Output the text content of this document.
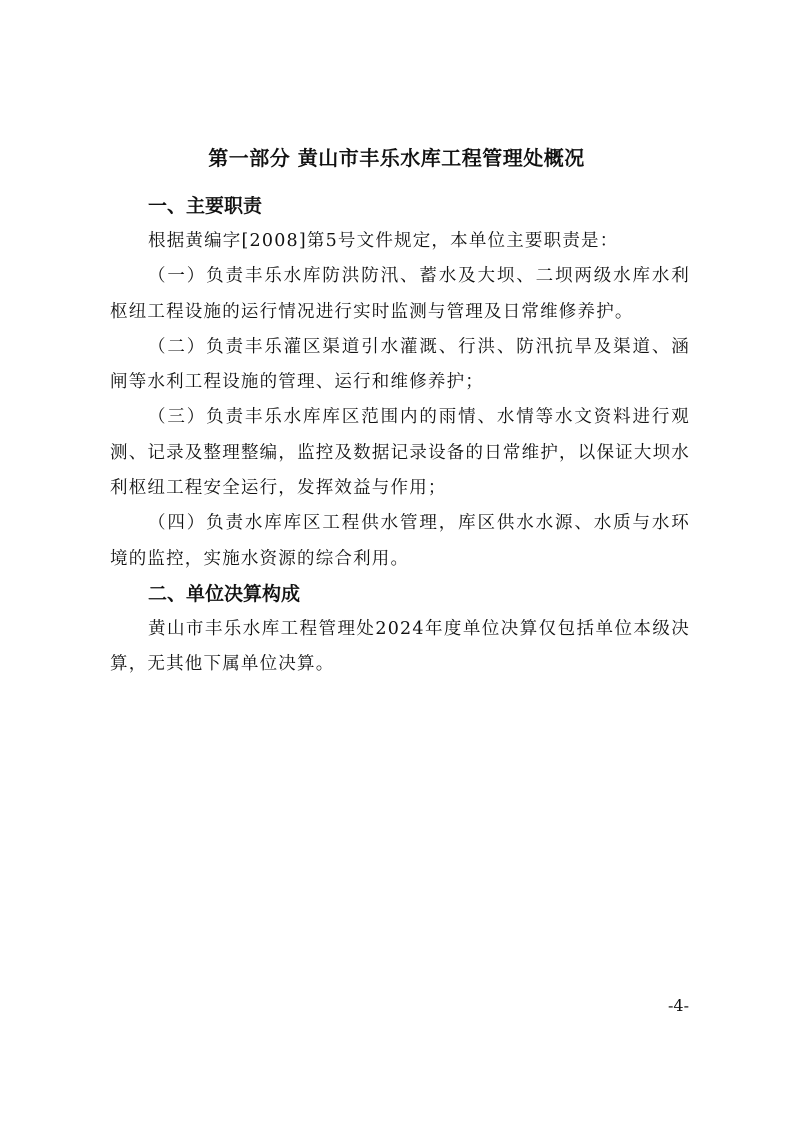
第一部分 黄山市丰乐水库工程管理处概况
一、主要职责

根据黄编字[2008]第5号文件规定，本单位主要职责是：

（一）负责丰乐水库防洪防汛、蓄水及大坝、二坝两级水库水利枢纽工程设施的运行情况进行实时监测与管理及日常维修养护。

（二）负责丰乐灌区渠道引水灌溉、行洪、防汛抗旱及渠道、涵闸等水利工程设施的管理、运行和维修养护；

（三）负责丰乐水库库区范围内的雨情、水情等水文资料进行观测、记录及整理整编，监控及数据记录设备的日常维护，以保证大坝水利枢纽工程安全运行，发挥效益与作用；

（四）负责水库库区工程供水管理，库区供水水源、水质与水环境的监控，实施水资源的综合利用。

二、单位决算构成

黄山市丰乐水库工程管理处2024年度单位决算仅包括单位本级决算，无其他下属单位决算。

-4-
